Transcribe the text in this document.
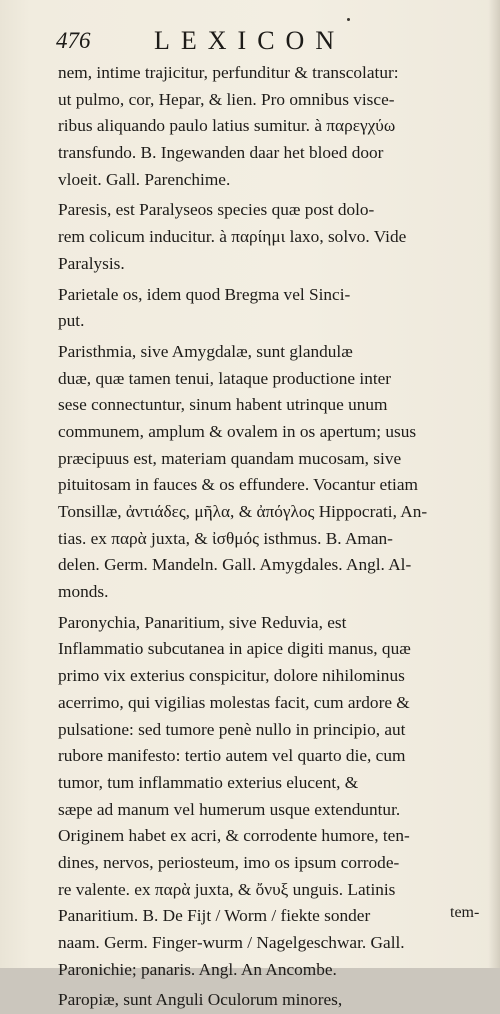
476 LEXICON
nem, intime trajicitur, perfunditur & transcolatur:
ut pulmo, cor, Hepar, & lien. Pro omnibus visce-
ribus aliquando paulo latius sumitur. à παρεγχύω
transfundo. B. Ingewanden daar het bloed door
vloeit. Gall. Parenchime.
Paresis, est Paralyseos species quæ post dolo-
rem colicum inducitur. à παρίημι laxo, solvo. Vide
Paralysis.
Parietale os, idem quod Bregma vel Sinci-
put.
Paristhmia, sive Amygdalæ, sunt glandulæ
duæ, quæ tamen tenui, lataque productione inter
sese connectuntur, sinum habent utrinque unum
communem, amplum & ovalem in os apertum; usus
præcipuus est, materiam quandam mucosam, sive
pituitosam in fauces & os effundere. Vocantur etiam
Tonsillæ, ἀντιάδες, μῆλα, & ἀπόγλος Hippocrati, An-
tias. ex παρὰ juxta, & ἰσθμός isthmus. B. Aman-
delen. Germ. Mandeln. Gall. Amygdales. Angl. Al-
monds.
Paronychia, Panaritium, sive Reduvia, est
Inflammatio subcutanea in apice digiti manus, quæ
primo vix exterius conspicitur, dolore nihilominus
acerrimo, qui vigilias molestas facit, cum ardore &
pulsatione: sed tumore penè nullo in principio, aut
rubore manifesto: tertio autem vel quarto die, cum
tumor, tum inflammatio exterius elucent, &
sæpe ad manum vel humerum usque extenduntur.
Originem habet ex acri, & corrodente humore, ten-
dines, nervos, periosteum, imo os ipsum corrode-
re valente. ex παρὰ juxta, & ὄνυξ unguis. Latinis
Panaritium. B. De Fijt / Worm / fiekte sonder
naam. Germ. Finger-wurm / Nagelgeschwar. Gall.
Paronichie; panaris. Angl. An Ancombe.
Paropiæ, sunt Anguli Oculorum minores,
tem-
